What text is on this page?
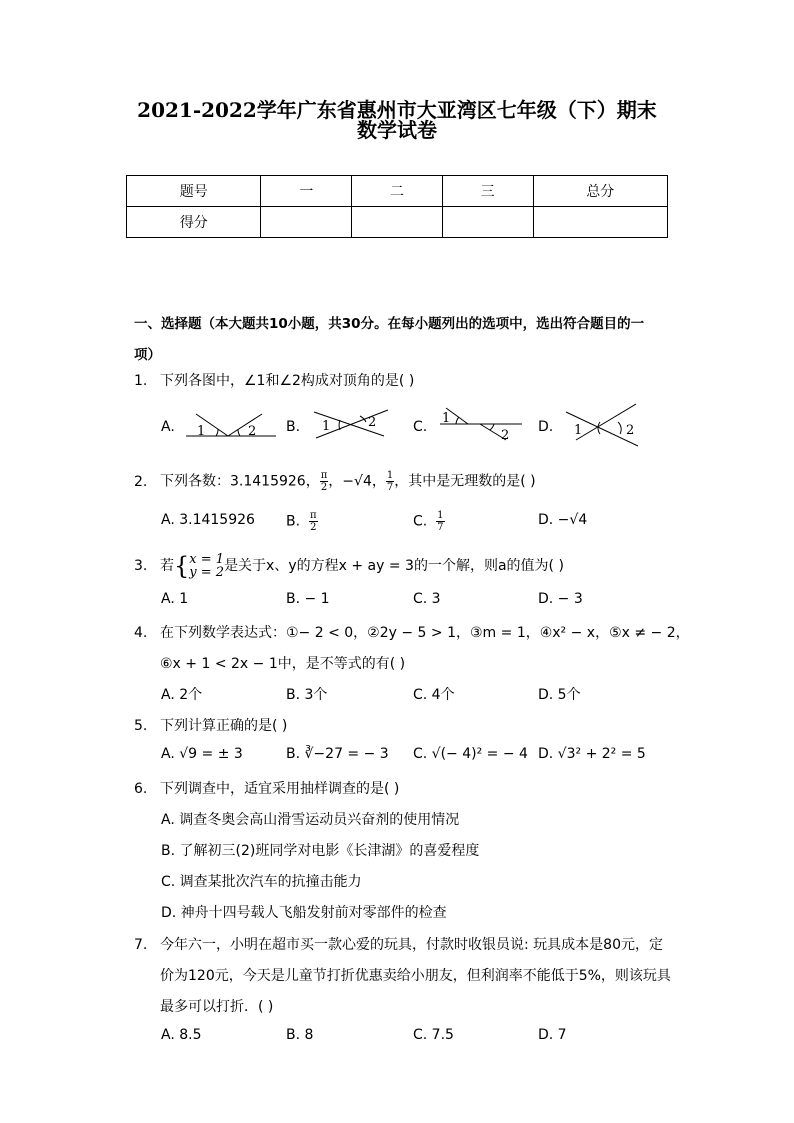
2021-2022学年广东省惠州市大亚湾区七年级（下）期末
数学试卷
题号	一	二	三	总分
得分				
一、选择题（本大题共10小题，共30分。在每小题列出的选项中，选出符合题目的一
项）
1. 下列各图中，∠1和∠2构成对顶角的是( )
A.	B.	C.	D.
1	2	1	2	1
2	1	2
2. 下列各数：3.1415926， $\frac{\pi}{2}$ ，−√4， $\frac{1}{7}$ ，其中是无理数的是( )
A. 3.1415926 B. $\frac{\pi}{2}$	C. $\frac{1}{7}$	D. −√4
3. 若{ x = 1
y = 2 是关于x、y的方程x + ay = 3的一个解，则a的值为( )
A. 1	B. − 1	C. 3	D. − 3
4. 在下列数学表达式：①− 2 < 0，②2y − 5 > 1，③m = 1，④x² − x，⑤x ≠ − 2，
⑥x + 1 < 2x − 1中，是不等式的有( )
A. 2个	B. 3个	C. 4个	D. 5个
5. 下列计算正确的是( )
A. √9 = ± 3	B. ∛−27 = − 3 C. √(− 4)² = − 4 D. √3² + 2² = 5
6. 下列调查中，适宜采用抽样调查的是( )
A. 调查冬奥会高山滑雪运动员兴奋剂的使用情况
B. 了解初三(2)班同学对电影《长津湖》的喜爱程度
C. 调查某批次汽车的抗撞击能力
D. 神舟十四号载人飞船发射前对零部件的检查
7. 今年六一，小明在超市买一款心爱的玩具，付款时收银员说: 玩具成本是80元，定
价为120元，今天是儿童节打折优惠卖给小朋友，但利润率不能低于5%，则该玩具
最多可以打折．( )
A. 8.5	B. 8	C. 7.5	D. 7
